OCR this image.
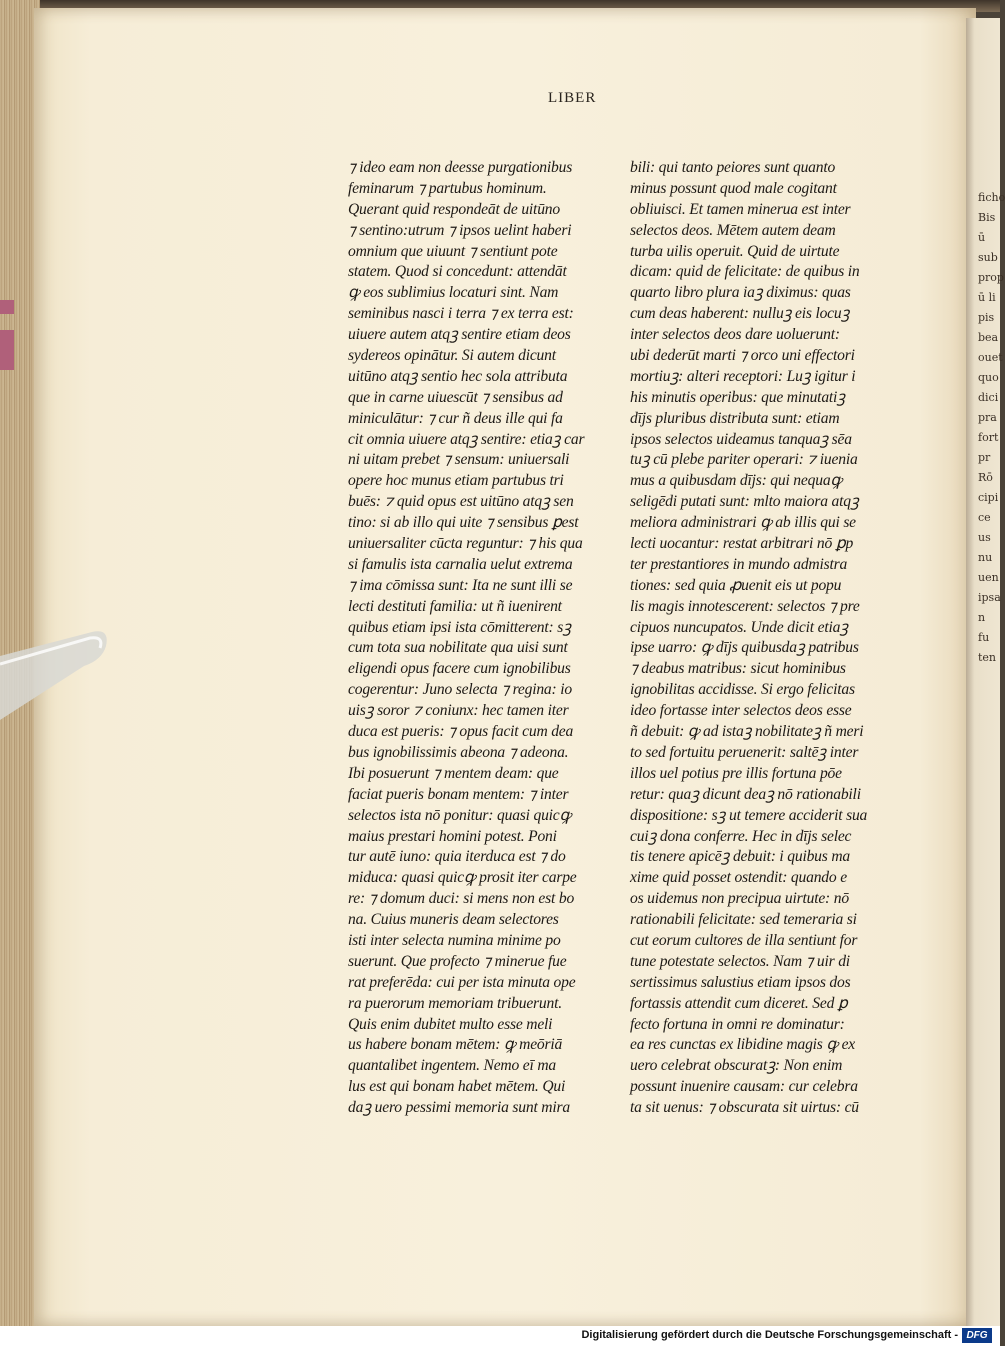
ficho
Bis
ū
sub
prop
ū li
pis
bea
ouet
quo
dici
pra
fort
pr
Rō
cipi
ce
us
nu
uen
ipsa
n
fu
ten
LIBER
⁊ ideo eam non deesse purgationibus
feminarum ⁊ partubus hominum.
Querant quid respondeāt de uitūno
⁊ sentino:utrum ⁊ ipsos uelint haberi
omnium que uiuunt ⁊ sentiunt pote
statem. Quod si concedunt: attendāt
ꝙ eos sublimius locaturi sint. Nam
seminibus nasci i terra ⁊ ex terra est:
uiuere autem atqꝫ sentire etiam deos
sydereos opinātur. Si autem dicunt
uitūno atqꝫ sentio hec sola attributa
que in carne uiuescūt ⁊ sensibus ad
miniculātur: ⁊ cur ñ deus ille qui fa
cit omnia uiuere atqꝫ sentire: etiaꝫ car
ni uitam prebet ⁊ sensum: uniuersali
opere hoc munus etiam partubus tri
buēs: ⁊ quid opus est uitūno atqꝫ sen
tino: si ab illo qui uite ⁊ sensibus ꝑest
uniuersaliter cūcta reguntur: ⁊ his qua
si famulis ista carnalia uelut extrema
⁊ ima cōmissa sunt: Ita ne sunt illi se
lecti destituti familia: ut ñ iuenirent
quibus etiam ipsi ista cōmitterent: sꝫ
cum tota sua nobilitate qua uisi sunt
eligendi opus facere cum ignobilibus
cogerentur: Juno selecta ⁊ regina: io
uisꝫ soror ⁊ coniunx: hec tamen iter
duca est pueris: ⁊ opus facit cum dea
bus ignobilissimis abeona ⁊ adeona.
Ibi posuerunt ⁊ mentem deam: que
faciat pueris bonam mentem: ⁊ inter
selectos ista nō ponitur: quasi quicꝙ
maius prestari homini potest. Poni
tur autē iuno: quia iterduca est ⁊ do
miduca: quasi quicꝙ prosit iter carpe
re: ⁊ domum duci: si mens non est bo
na. Cuius muneris deam selectores
isti inter selecta numina minime po
suerunt. Que profecto ⁊ minerue fue
rat preferēda: cui per ista minuta ope
ra puerorum memoriam tribuerunt.
Quis enim dubitet multo esse meli
us habere bonam mētem: ꝙ meōriā
quantalibet ingentem. Nemo eī ma
lus est qui bonam habet mētem. Qui
daꝫ uero pessimi memoria sunt mira
bili: qui tanto peiores sunt quanto
minus possunt quod male cogitant
obliuisci. Et tamen minerua est inter
selectos deos. Mētem autem deam
turba uilis operuit. Quid de uirtute
dicam: quid de felicitate: de quibus in
quarto libro plura iaꝫ diximus: quas
cum deas haberent: nulluꝫ eis locuꝫ
inter selectos deos dare uoluerunt:
ubi dederūt marti ⁊ orco uni effectori
mortiuꝫ: alteri receptori: Luꝫ igitur i
his minutis operibus: que minutatiꝫ
dījs pluribus distributa sunt: etiam
ipsos selectos uideamus tanquaꝫ sēa
tuꝫ cū plebe pariter operari: ⁊ iuenia
mus a quibusdam dījs: qui nequaꝙ
seligēdi putati sunt: mlto maiora atqꝫ
meliora administrari ꝙ ab illis qui se
lecti uocantur: restat arbitrari nō ꝑp
ter prestantiores in mundo admistra
tiones: sed quia ꝓuenit eis ut popu
lis magis innotescerent: selectos ⁊ pre
cipuos nuncupatos. Unde dicit etiaꝫ
ipse uarro: ꝙ dījs quibusdaꝫ patribus
⁊ deabus matribus: sicut hominibus
ignobilitas accidisse. Si ergo felicitas
ideo fortasse inter selectos deos esse
ñ debuit: ꝙ ad istaꝫ nobilitateꝫ ñ meri
to sed fortuitu peruenerit: saltēꝫ inter
illos uel potius pre illis fortuna pōe
retur: quaꝫ dicunt deaꝫ nō rationabili
dispositione: sꝫ ut temere acciderit sua
cuiꝫ dona conferre. Hec in dījs selec
tis tenere apicēꝫ debuit: i quibus ma
xime quid posset ostendit: quando e
os uidemus non precipua uirtute: nō
rationabili felicitate: sed temeraria si
cut eorum cultores de illa sentiunt for
tune potestate selectos. Nam ⁊ uir di
sertissimus salustius etiam ipsos dos
fortassis attendit cum diceret. Sed ꝑ
fecto fortuna in omni re dominatur:
ea res cunctas ex libidine magis ꝙ ex
uero celebrat obscuratꝫ: Non enim
possunt inuenire causam: cur celebra
ta sit uenus: ⁊ obscurata sit uirtus: cū
Digitalisierung gefördert durch die Deutsche Forschungsgemeinschaft - DFG
